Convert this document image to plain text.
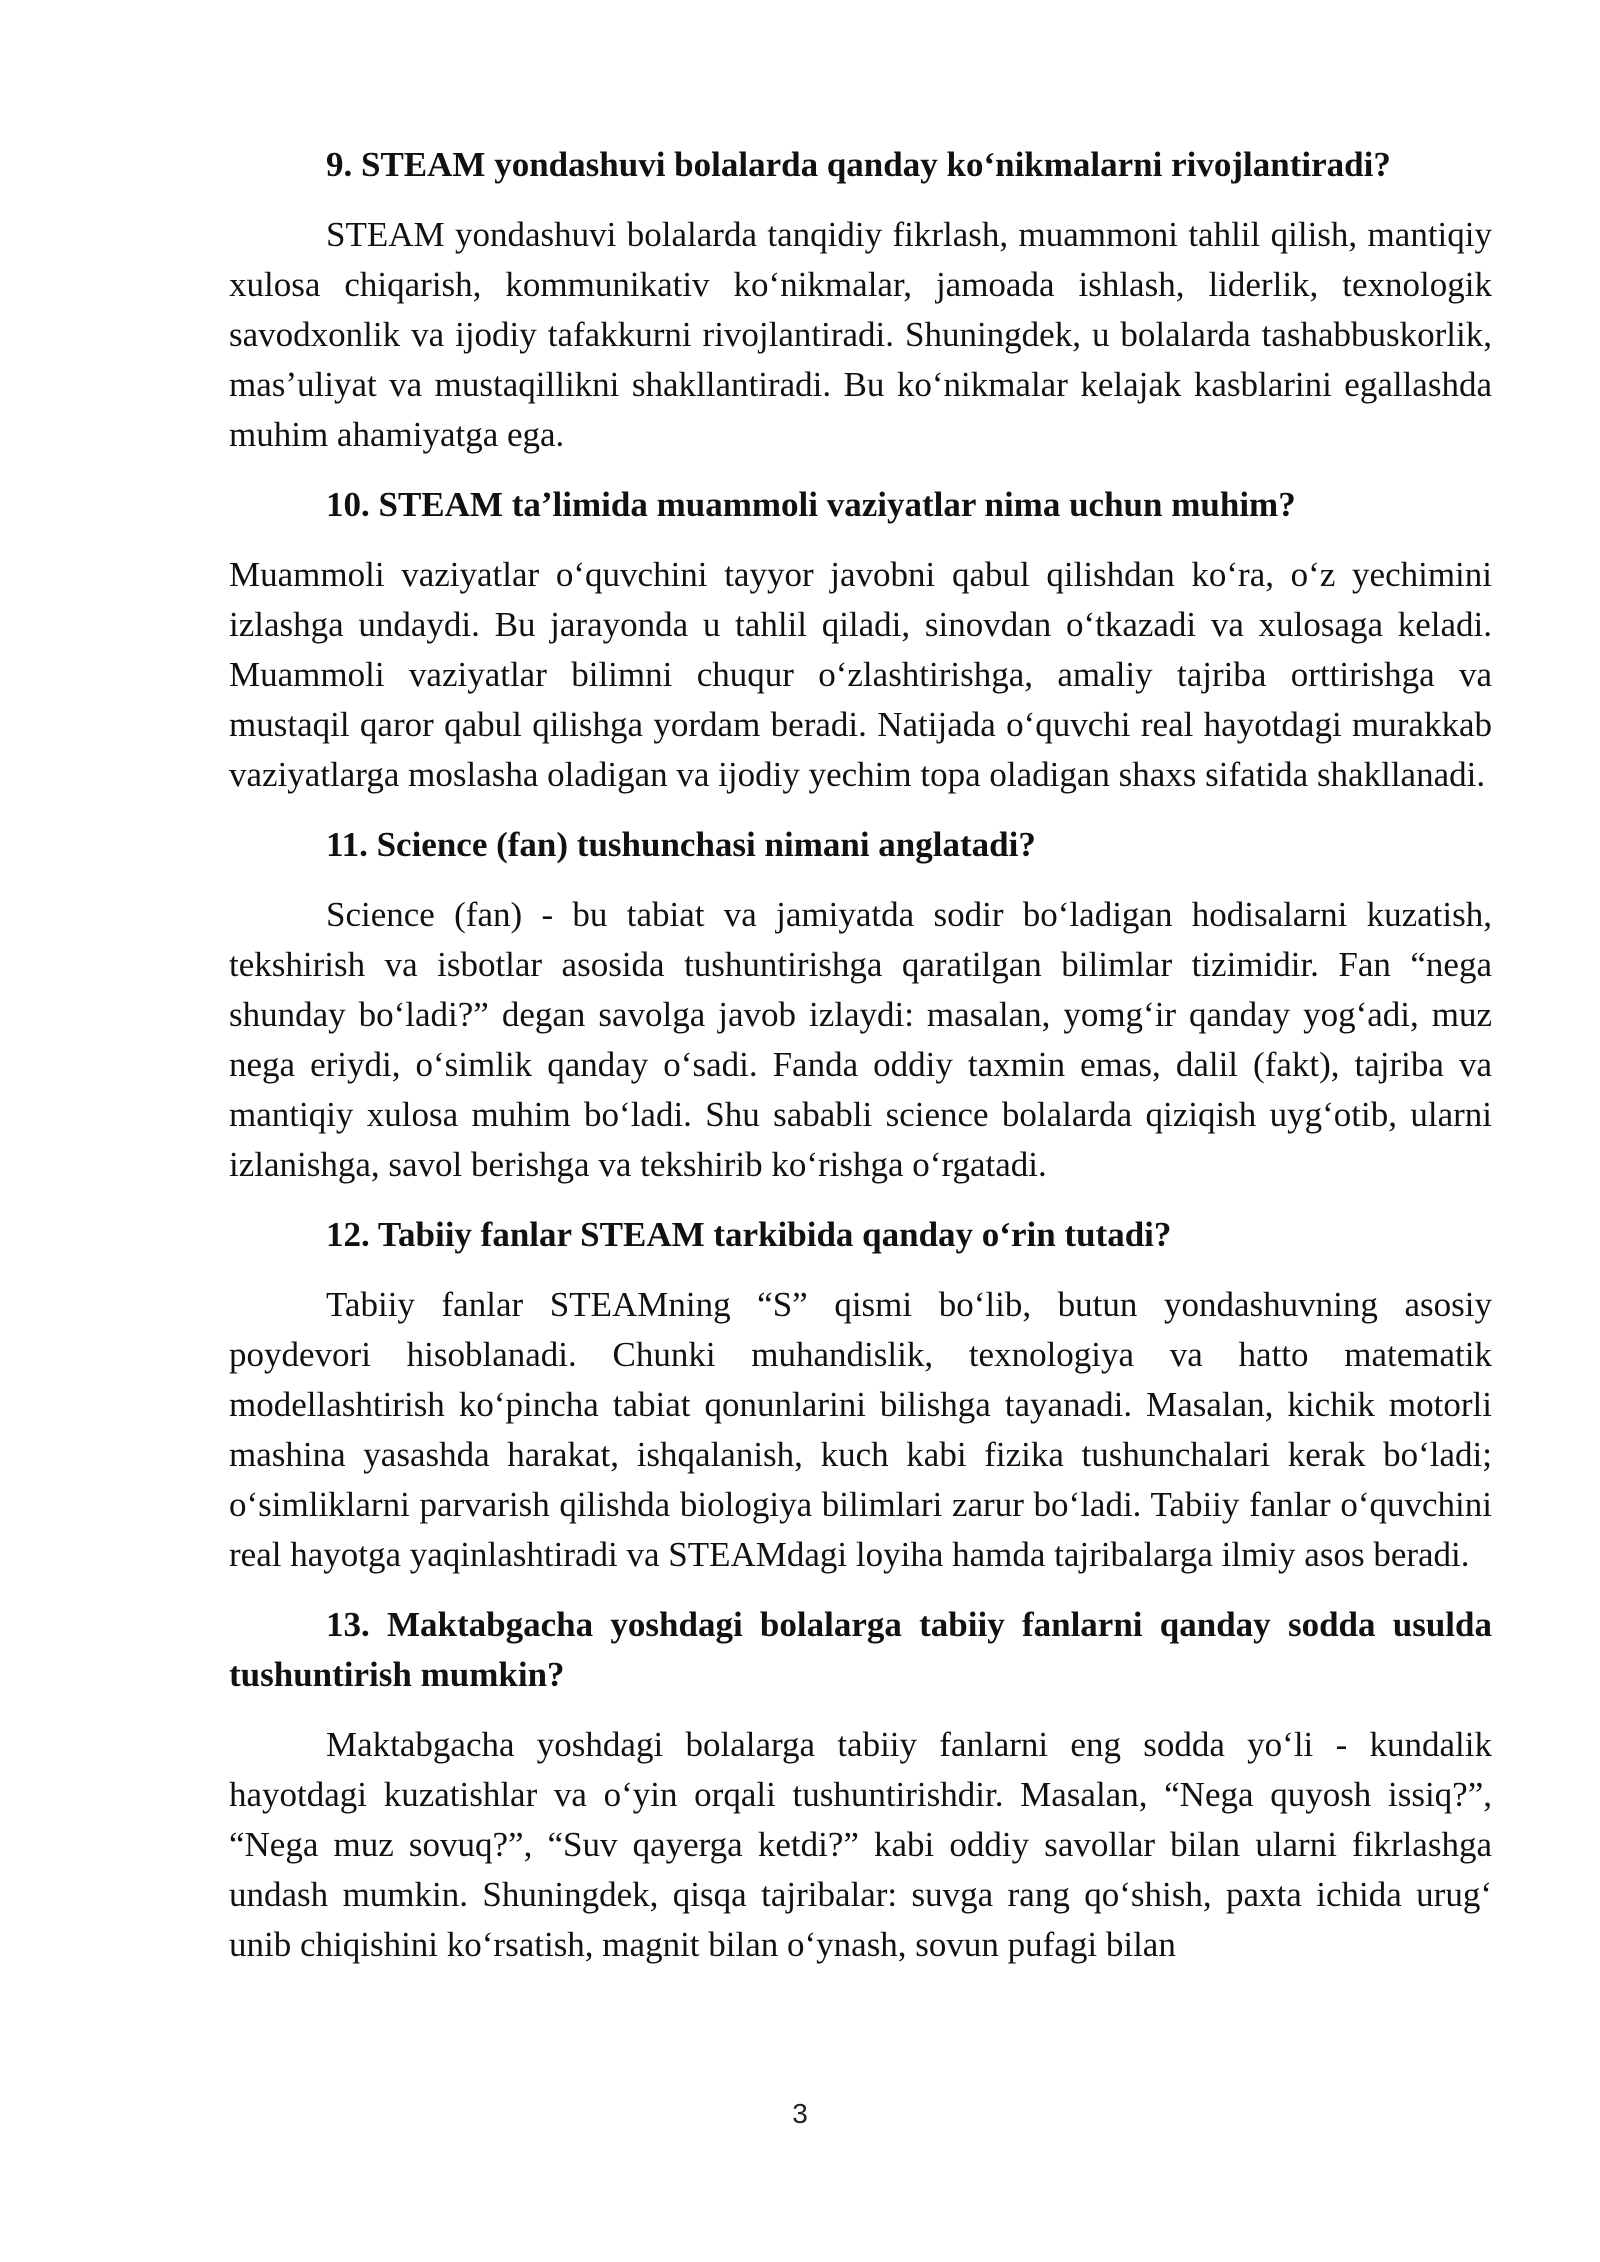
9. STEAM yondashuvi bolalarda qanday koʻnikmalarni rivojlantiradi?

STEAM yondashuvi bolalarda tanqidiy fikrlash, muammoni tahlil qilish, mantiqiy xulosa chiqarish, kommunikativ koʻnikmalar, jamoada ishlash, liderlik, texnologik savodxonlik va ijodiy tafakkurni rivojlantiradi. Shuningdek, u bolalarda tashabbuskorlik, masʼuliyat va mustaqillikni shakllantiradi. Bu koʻnikmalar kelajak kasblarini egallashda muhim ahamiyatga ega.

10. STEAM taʼlimida muammoli vaziyatlar nima uchun muhim?

Muammoli vaziyatlar oʻquvchini tayyor javobni qabul qilishdan koʻra, oʻz yechimini izlashga undaydi. Bu jarayonda u tahlil qiladi, sinovdan oʻtkazadi va xulosaga keladi. Muammoli vaziyatlar bilimni chuqur oʻzlashtirishga, amaliy tajriba orttirishga va mustaqil qaror qabul qilishga yordam beradi. Natijada oʻquvchi real hayotdagi murakkab vaziyatlarga moslasha oladigan va ijodiy yechim topa oladigan shaxs sifatida shakllanadi.

11. Science (fan) tushunchasi nimani anglatadi?

Science (fan) - bu tabiat va jamiyatda sodir boʻladigan hodisalarni kuzatish, tekshirish va isbotlar asosida tushuntirishga qaratilgan bilimlar tizimidir. Fan “nega shunday boʻladi?” degan savolga javob izlaydi: masalan, yomgʻir qanday yogʻadi, muz nega eriydi, oʻsimlik qanday oʻsadi. Fanda oddiy taxmin emas, dalil (fakt), tajriba va mantiqiy xulosa muhim boʻladi. Shu sababli science bolalarda qiziqish uygʻotib, ularni izlanishga, savol berishga va tekshirib koʻrishga oʻrgatadi.

12. Tabiiy fanlar STEAM tarkibida qanday oʻrin tutadi?

Tabiiy fanlar STEAMning “S” qismi boʻlib, butun yondashuvning asosiy poydevori hisoblanadi. Chunki muhandislik, texnologiya va hatto matematik modellashtirish koʻpincha tabiat qonunlarini bilishga tayanadi. Masalan, kichik motorli mashina yasashda harakat, ishqalanish, kuch kabi fizika tushunchalari kerak boʻladi; oʻsimliklarni parvarish qilishda biologiya bilimlari zarur boʻladi. Tabiiy fanlar oʻquvchini real hayotga yaqinlashtiradi va STEAMdagi loyiha hamda tajribalarga ilmiy asos beradi.

13. Maktabgacha yoshdagi bolalarga tabiiy fanlarni qanday sodda usulda tushuntirish mumkin?

Maktabgacha yoshdagi bolalarga tabiiy fanlarni eng sodda yoʻli - kundalik hayotdagi kuzatishlar va oʻyin orqali tushuntirishdir. Masalan, “Nega quyosh issiq?”, “Nega muz sovuq?”, “Suv qayerga ketdi?” kabi oddiy savollar bilan ularni fikrlashga undash mumkin. Shuningdek, qisqa tajribalar: suvga rang qoʻshish, paxta ichida urugʻ unib chiqishini koʻrsatish, magnit bilan oʻynash, sovun pufagi bilan

3
